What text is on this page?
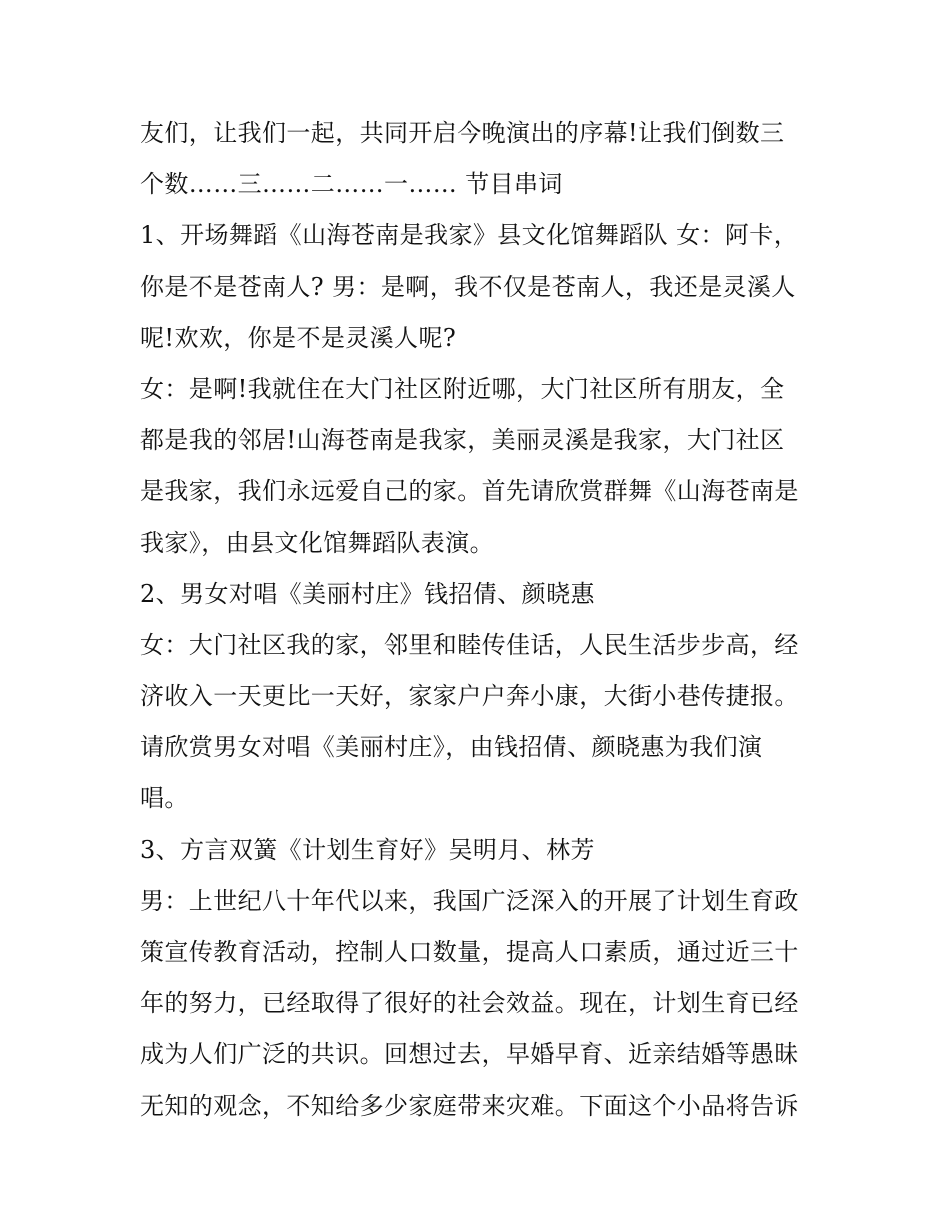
友们，让我们一起，共同开启今晚演出的序幕!让我们倒数三
个数……三……二……一…… 节目串词
1、开场舞蹈《山海苍南是我家》县文化馆舞蹈队 女：阿卡，
你是不是苍南人? 男：是啊，我不仅是苍南人，我还是灵溪人
呢!欢欢，你是不是灵溪人呢?
女：是啊!我就住在大门社区附近哪，大门社区所有朋友，全
都是我的邻居!山海苍南是我家，美丽灵溪是我家，大门社区
是我家，我们永远爱自己的家。首先请欣赏群舞《山海苍南是
我家》，由县文化馆舞蹈队表演。
2、男女对唱《美丽村庄》钱招倩、颜晓惠
女：大门社区我的家，邻里和睦传佳话，人民生活步步高，经
济收入一天更比一天好，家家户户奔小康，大街小巷传捷报。
请欣赏男女对唱《美丽村庄》，由钱招倩、颜晓惠为我们演
唱。
3、方言双簧《计划生育好》吴明月、林芳
男：上世纪八十年代以来，我国广泛深入的开展了计划生育政
策宣传教育活动，控制人口数量，提高人口素质，通过近三十
年的努力，已经取得了很好的社会效益。现在，计划生育已经
成为人们广泛的共识。回想过去，早婚早育、近亲结婚等愚昧
无知的观念，不知给多少家庭带来灾难。下面这个小品将告诉
